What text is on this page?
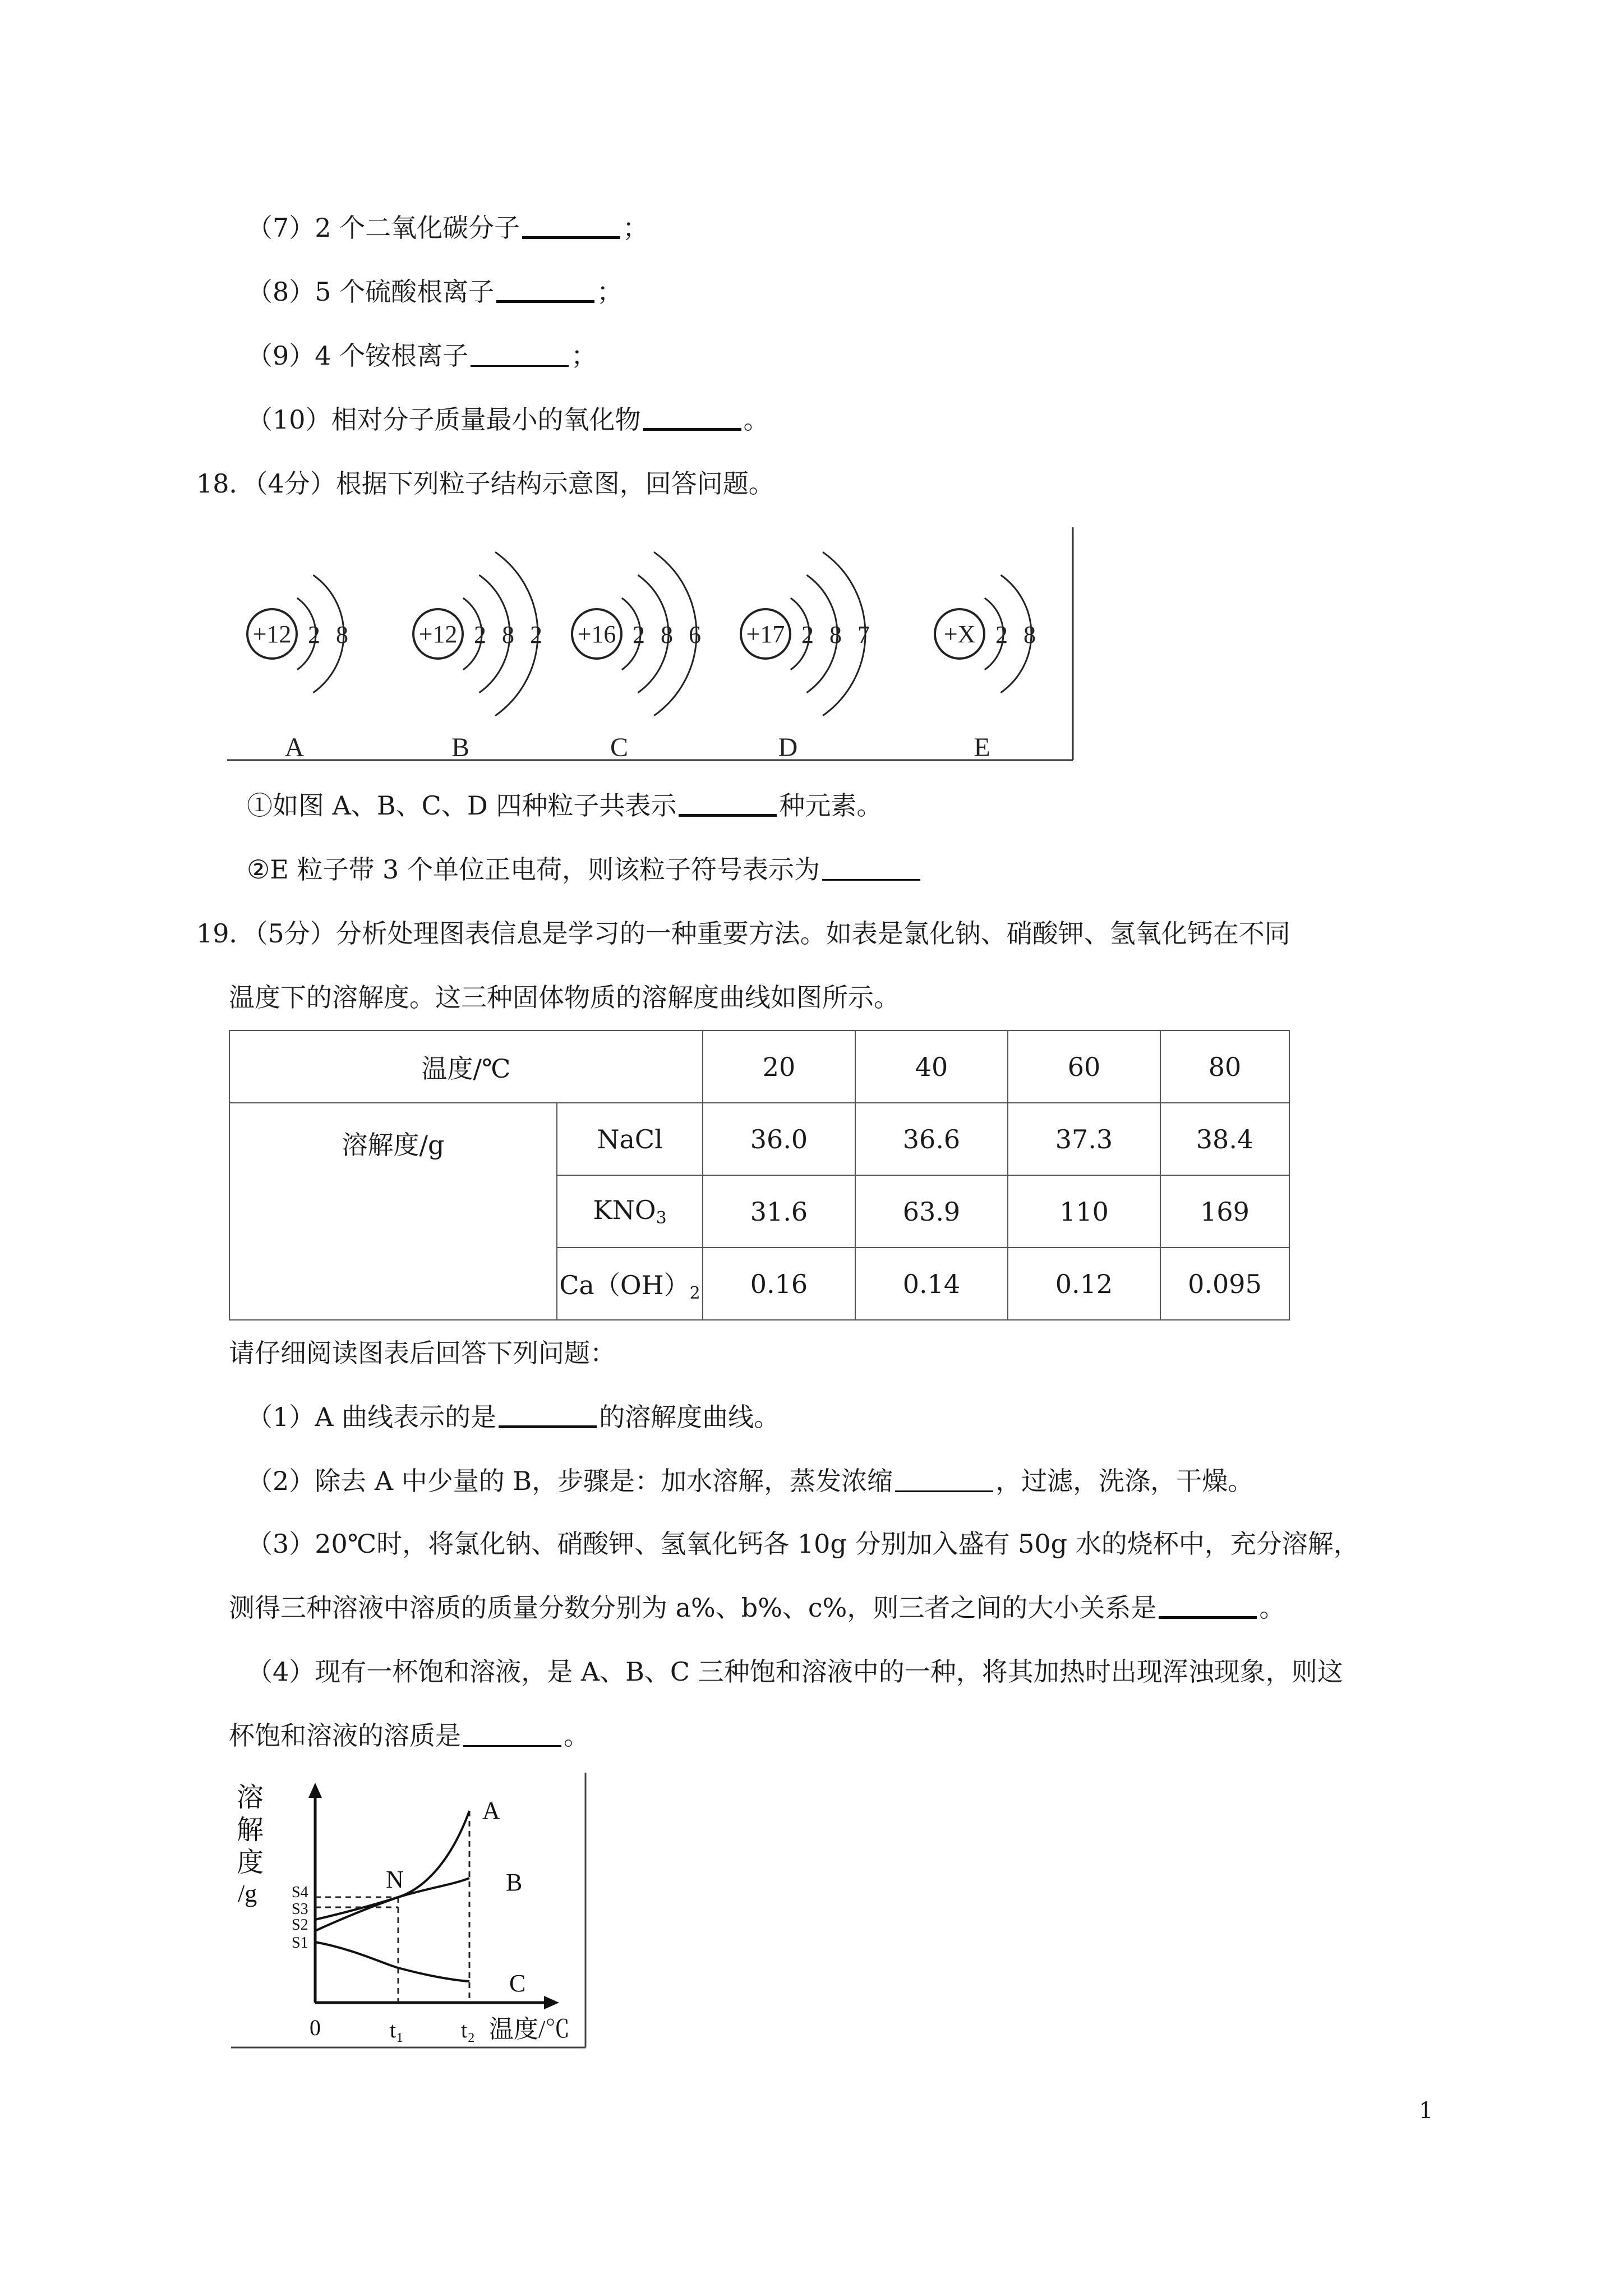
（7）2 个二氧化碳分子	；
（8）5 个硫酸根离子	；
（9）4 个铵根离子	；
（10）相对分子质量最小的氧化物	。
18．（4分）根据下列粒子结构示意图，回答问题。
+12 2 8
A
+12 2 8 2
B
+16 2 8 6
C
+17 2 8 7
D
+X 2 8
E
①如图 A、B、C、D 四种粒子共表示	种元素。
②E 粒子带 3 个单位正电荷，则该粒子符号表示为
19．（5分）分析处理图表信息是学习的一种重要方法。如表是氯化钠、硝酸钾、氢氧化钙在不同
温度下的溶解度。这三种固体物质的溶解度曲线如图所示。
温度/℃		20	40	60	80
溶解度/g	NaCl	36.0	36.6	37.3	38.4
	$KNO_3$	31.6	63.9	110	169
	$Ca(OH)_2$	0.16	0.14	0.12	0.095
请仔细阅读图表后回答下列问题：
（1）A 曲线表示的是	的溶解度曲线。
（2）除去 A 中少量的 B，步骤是：加水溶解，蒸发浓缩	，过滤，洗涤，干燥。
（3）20℃时，将氯化钠、硝酸钾、氢氧化钙各 10g 分别加入盛有 50g 水的烧杯中，充分溶解，
测得三种溶液中溶质的质量分数分别为 a%、b%、c%，则三者之间的大小关系是	。
（4）现有一杯饱和溶液，是 A、B、C 三种饱和溶液中的一种，将其加热时出现浑浊现象，则这
杯饱和溶液的溶质是	。
溶
解
度
/g S4
S3
S2
S1
0	t₁	t₂ 温度/℃
N
A
B
C
1
